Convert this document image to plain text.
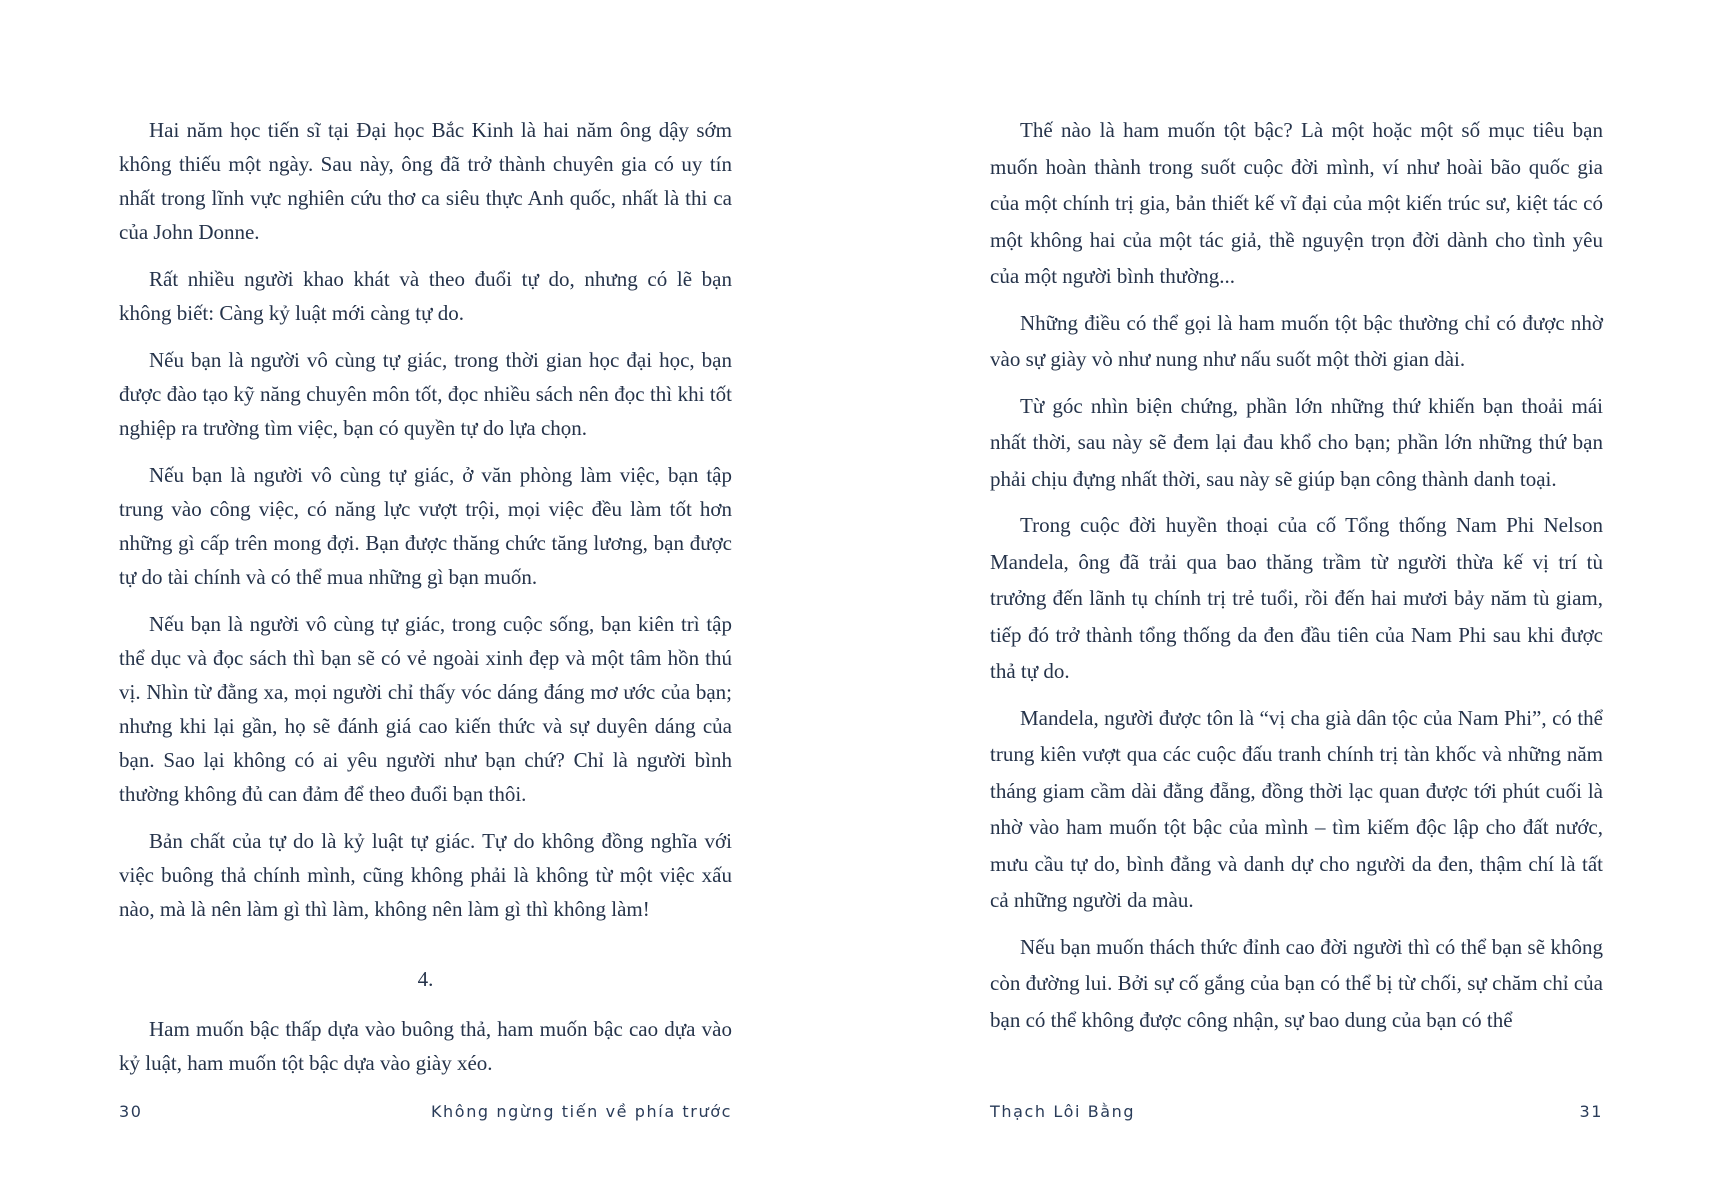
Hai năm học tiến sĩ tại Đại học Bắc Kinh là hai năm ông dậy sớm không thiếu một ngày. Sau này, ông đã trở thành chuyên gia có uy tín nhất trong lĩnh vực nghiên cứu thơ ca siêu thực Anh quốc, nhất là thi ca của John Donne.

Rất nhiều người khao khát và theo đuổi tự do, nhưng có lẽ bạn không biết: Càng kỷ luật mới càng tự do.

Nếu bạn là người vô cùng tự giác, trong thời gian học đại học, bạn được đào tạo kỹ năng chuyên môn tốt, đọc nhiều sách nên đọc thì khi tốt nghiệp ra trường tìm việc, bạn có quyền tự do lựa chọn.

Nếu bạn là người vô cùng tự giác, ở văn phòng làm việc, bạn tập trung vào công việc, có năng lực vượt trội, mọi việc đều làm tốt hơn những gì cấp trên mong đợi. Bạn được thăng chức tăng lương, bạn được tự do tài chính và có thể mua những gì bạn muốn.

Nếu bạn là người vô cùng tự giác, trong cuộc sống, bạn kiên trì tập thể dục và đọc sách thì bạn sẽ có vẻ ngoài xinh đẹp và một tâm hồn thú vị. Nhìn từ đằng xa, mọi người chỉ thấy vóc dáng đáng mơ ước của bạn; nhưng khi lại gần, họ sẽ đánh giá cao kiến thức và sự duyên dáng của bạn. Sao lại không có ai yêu người như bạn chứ? Chỉ là người bình thường không đủ can đảm để theo đuổi bạn thôi.

Bản chất của tự do là kỷ luật tự giác. Tự do không đồng nghĩa với việc buông thả chính mình, cũng không phải là không từ một việc xấu nào, mà là nên làm gì thì làm, không nên làm gì thì không làm!

4.

Ham muốn bậc thấp dựa vào buông thả, ham muốn bậc cao dựa vào kỷ luật, ham muốn tột bậc dựa vào giày xéo.

30	Không ngừng tiến về phía trước

Thế nào là ham muốn tột bậc? Là một hoặc một số mục tiêu bạn muốn hoàn thành trong suốt cuộc đời mình, ví như hoài bão quốc gia của một chính trị gia, bản thiết kế vĩ đại của một kiến trúc sư, kiệt tác có một không hai của một tác giả, thề nguyện trọn đời dành cho tình yêu của một người bình thường...

Những điều có thể gọi là ham muốn tột bậc thường chỉ có được nhờ vào sự giày vò như nung như nấu suốt một thời gian dài.

Từ góc nhìn biện chứng, phần lớn những thứ khiến bạn thoải mái nhất thời, sau này sẽ đem lại đau khổ cho bạn; phần lớn những thứ bạn phải chịu đựng nhất thời, sau này sẽ giúp bạn công thành danh toại.

Trong cuộc đời huyền thoại của cố Tổng thống Nam Phi Nelson Mandela, ông đã trải qua bao thăng trầm từ người thừa kế vị trí tù trưởng đến lãnh tụ chính trị trẻ tuổi, rồi đến hai mươi bảy năm tù giam, tiếp đó trở thành tổng thống da đen đầu tiên của Nam Phi sau khi được thả tự do.

Mandela, người được tôn là “vị cha già dân tộc của Nam Phi”, có thể trung kiên vượt qua các cuộc đấu tranh chính trị tàn khốc và những năm tháng giam cầm dài đằng đẵng, đồng thời lạc quan được tới phút cuối là nhờ vào ham muốn tột bậc của mình – tìm kiếm độc lập cho đất nước, mưu cầu tự do, bình đẳng và danh dự cho người da đen, thậm chí là tất cả những người da màu.

Nếu bạn muốn thách thức đỉnh cao đời người thì có thể bạn sẽ không còn đường lui. Bởi sự cố gắng của bạn có thể bị từ chối, sự chăm chỉ của bạn có thể không được công nhận, sự bao dung của bạn có thể

Thạch Lôi Bằng	31
